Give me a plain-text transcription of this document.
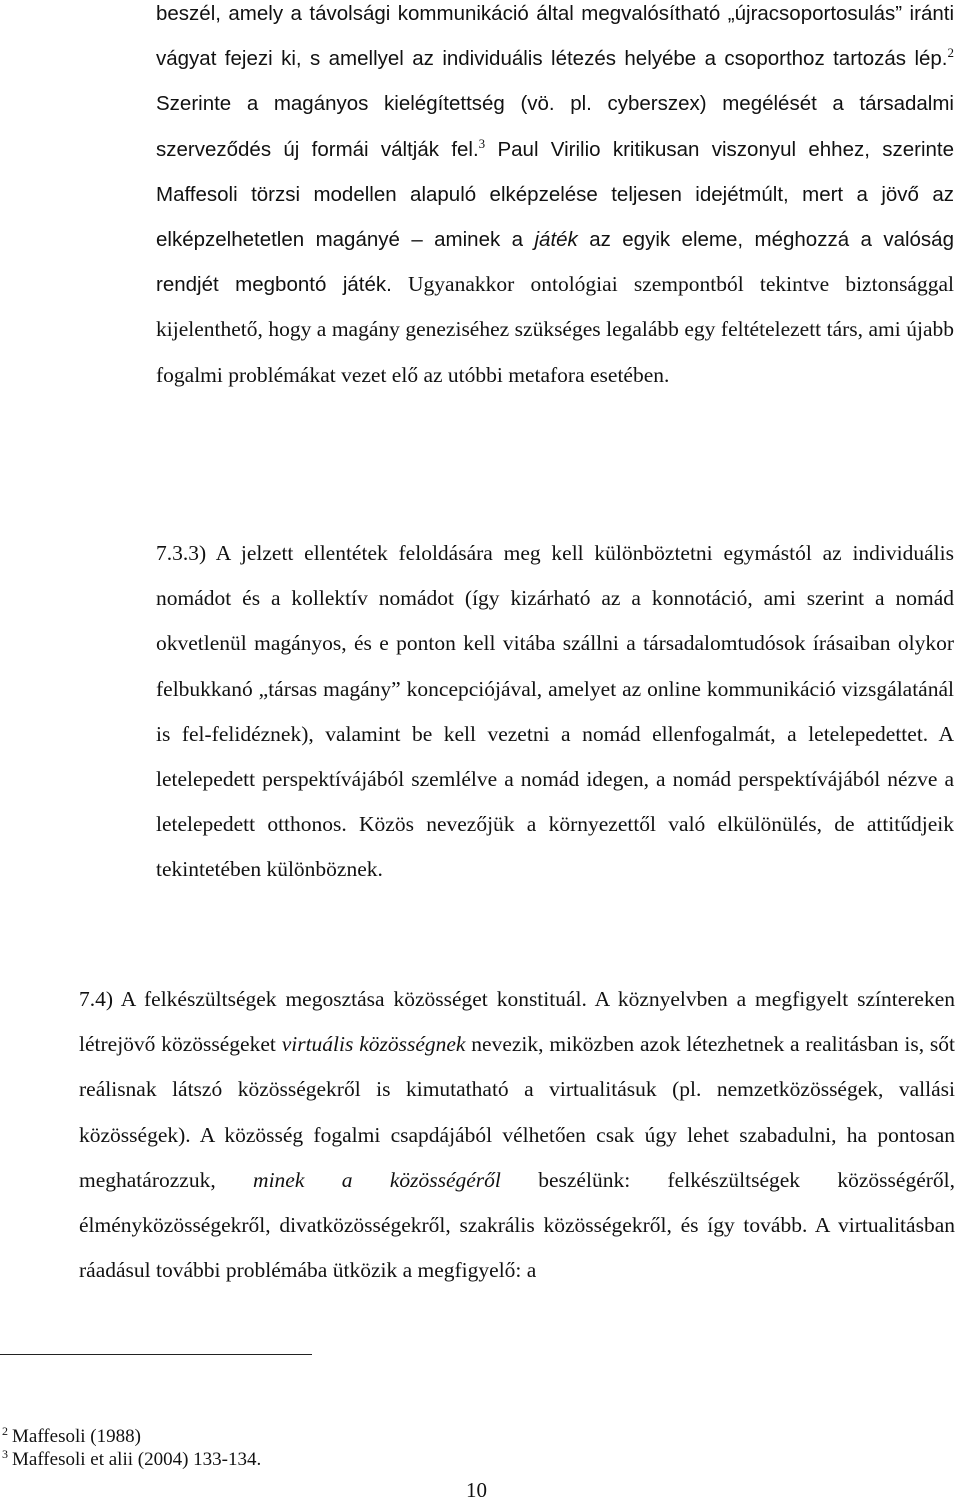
beszél, amely a távolsági kommunikáció által megvalósítható „újracsoportosulás” iránti vágyat fejezi ki, s amellyel az individuális létezés helyébe a csoporthoz tartozás lép.$^2$ Szerinte a magányos kielégítettség (vö. pl. cyberszex) megélését a társadalmi szerveződés új formái váltják fel.$^3$ Paul Virilio kritikusan viszonyul ehhez, szerinte Maffesoli törzsi modellen alapuló elképzelése teljesen idejétmúlt, mert a jövő az elképzelhetetlen magányé – aminek a játék az egyik eleme, méghozzá a valóság rendjét megbontó játék. Ugyanakkor ontológiai szempontból tekintve biztonsággal kijelenthető, hogy a magány geneziséhez szükséges legalább egy feltételezett társ, ami újabb fogalmi problémákat vezet elő az utóbbi metafora esetében.

7.3.3) A jelzett ellentétek feloldására meg kell különböztetni egymástól az individuális nomádot és a kollektív nomádot (így kizárható az a konnotáció, ami szerint a nomád okvetlenül magányos, és e ponton kell vitába szállni a társadalomtudósok írásaiban olykor felbukkanó „társas magány” koncepciójával, amelyet az online kommunikáció vizsgálatánál is fel-felidéznek), valamint be kell vezetni a nomád ellenfogalmát, a letelepedettet. A letelepedett perspektívájából szemlélve a nomád idegen, a nomád perspektívájából nézve a letelepedett otthonos. Közös nevezőjük a környezettől való elkülönülés, de attitűdjeik tekintetében különböznek.

7.4) A felkészültségek megosztása közösséget konstituál. A köznyelvben a megfigyelt színtereken létrejövő közösségeket virtuális közösségnek nevezik, miközben azok létezhetnek a realitásban is, sőt reálisnak látszó közösségekről is kimutatható a virtualitásuk (pl. nemzetközösségek, vallási közösségek). A közösség fogalmi csapdájából vélhetően csak úgy lehet szabadulni, ha pontosan meghatározzuk, minek a közösségéről beszélünk: felkészültségek közösségéről, élményközösségekről, divatközösségekről, szakrális közösségekről, és így tovább. A virtualitásban ráadásul további problémába ütközik a megfigyelő: a

$^2$ Maffesoli (1988)
$^3$ Maffesoli et alii (2004) 133-134.
10
